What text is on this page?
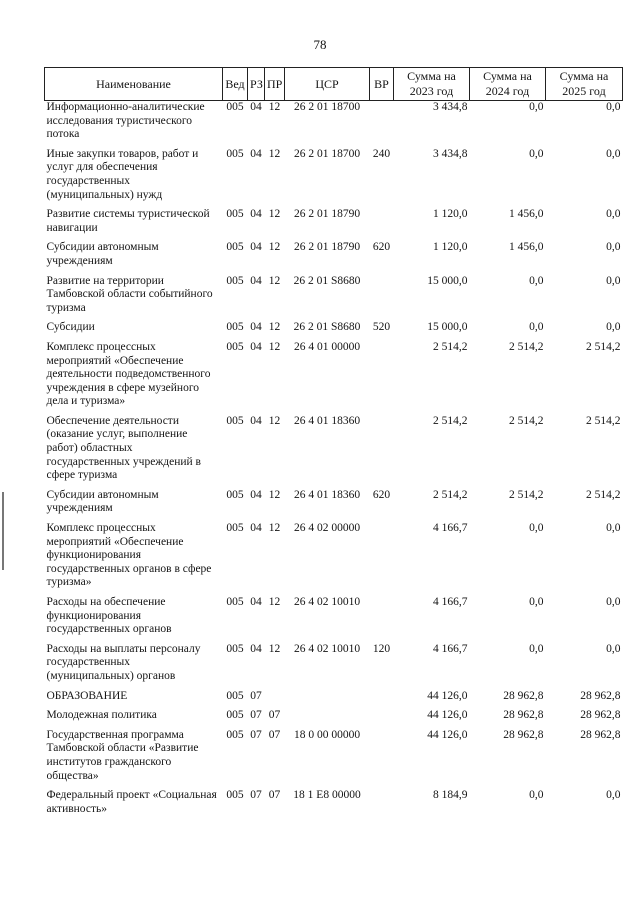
78
Наименование	Вед	РЗ	ПР	ЦСР	ВР	Сумма на 2023 год	Сумма на 2024 год	Сумма на 2025 год
Информационно-аналитические исследования туристического потока	005	04	12	26 2 01 18700		3 434,8	0,0	0,0
Иные закупки товаров, работ и услуг для обеспечения государственных (муниципальных) нужд	005	04	12	26 2 01 18700	240	3 434,8	0,0	0,0
Развитие системы туристической навигации	005	04	12	26 2 01 18790		1 120,0	1 456,0	0,0
Субсидии автономным учреждениям	005	04	12	26 2 01 18790	620	1 120,0	1 456,0	0,0
Развитие на территории Тамбовской области событийного туризма	005	04	12	26 2 01 S8680		15 000,0	0,0	0,0
Субсидии	005	04	12	26 2 01 S8680	520	15 000,0	0,0	0,0
Комплекс процессных мероприятий «Обеспечение деятельности подведомственного учреждения в сфере музейного дела и туризма»	005	04	12	26 4 01 00000		2 514,2	2 514,2	2 514,2
Обеспечение деятельности (оказание услуг, выполнение работ) областных государственных учреждений в сфере туризма	005	04	12	26 4 01 18360		2 514,2	2 514,2	2 514,2
Субсидии автономным учреждениям	005	04	12	26 4 01 18360	620	2 514,2	2 514,2	2 514,2
Комплекс процессных мероприятий «Обеспечение функционирования государственных органов в сфере туризма»	005	04	12	26 4 02 00000		4 166,7	0,0	0,0
Расходы на обеспечение функционирования государственных органов	005	04	12	26 4 02 10010		4 166,7	0,0	0,0
Расходы на выплаты персоналу государственных (муниципальных) органов	005	04	12	26 4 02 10010	120	4 166,7	0,0	0,0
ОБРАЗОВАНИЕ	005	07				44 126,0	28 962,8	28 962,8
Молодежная политика	005	07	07			44 126,0	28 962,8	28 962,8
Государственная программа Тамбовской области «Развитие институтов гражданского общества»	005	07	07	18 0 00 00000		44 126,0	28 962,8	28 962,8
Федеральный проект «Социальная активность»	005	07	07	18 1 E8 00000		8 184,9	0,0	0,0
